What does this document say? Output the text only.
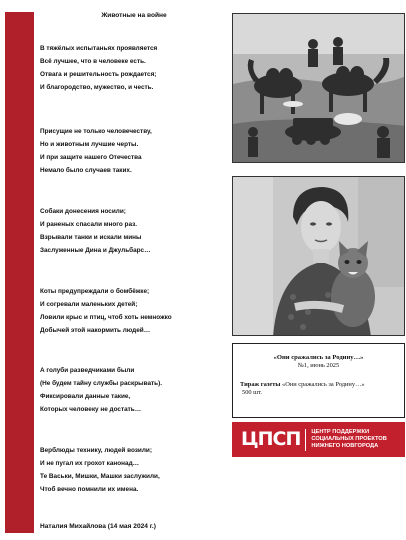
Животные на войне
В тяжёлых испытаньях проявляется
Всё лучшее, что в человеке есть.
Отвага и решительность рождается;
И благородство, мужество, и честь.
Присущие не только человечеству,
Но и животным лучшие черты.
И при защите нашего Отечества
Немало было случаев таких.
Собаки донесения носили;
И раненых спасали много раз.
Взрывали танки и искали мины
Заслуженные Дина и Джульбарс…
Коты предупреждали о бомбёжке;
И согревали маленьких детей;
Ловили крыс и птиц, чтоб хоть немножко
Добычей этой накормить людей…
А голуби разведчиками были
(Не будем тайну службы раскрывать).
Фиксировали данные такие,
Которых человеку не достать…
Верблюды технику, людей возили;
И не пугал их грохот канонад…
Те Васьки, Мишки, Машки заслужили,
Чтоб вечно помнили их имена.
Наталия Михайлова (14 мая 2024 г.)
«Они сражались за Родину…»
№1, июнь 2025
Тираж газеты «Они сражались за Родину…»
500 шт.
ЦПСП ЦЕНТР ПОДДЕРЖКИ
СОЦИАЛЬНЫХ ПРОЕКТОВ
НИЖНЕГО НОВГОРОДА
